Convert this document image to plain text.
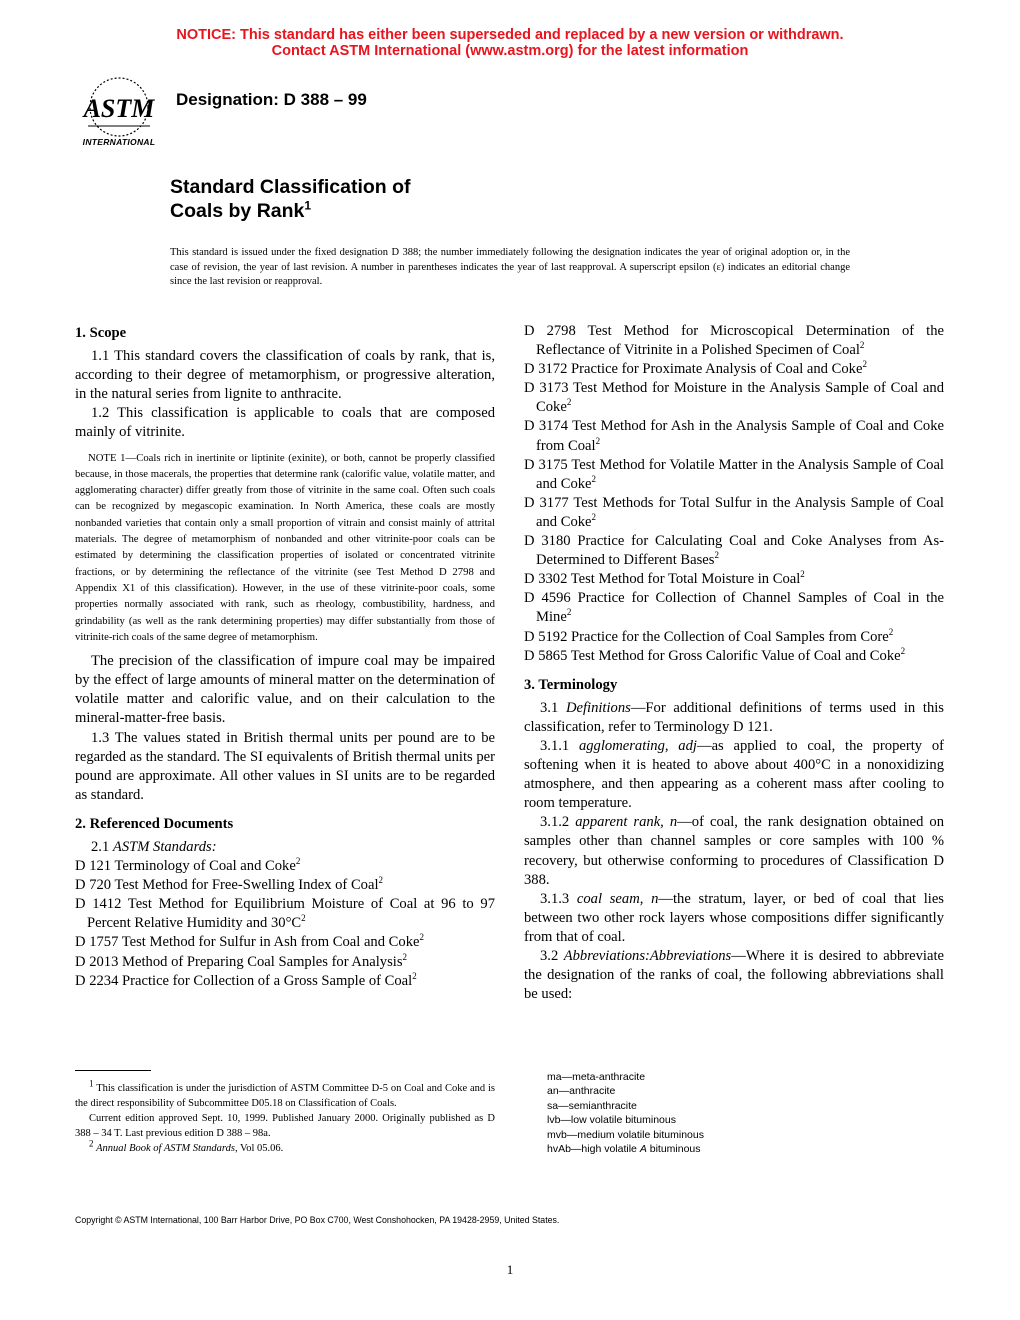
NOTICE: This standard has either been superseded and replaced by a new version or withdrawn.
Contact ASTM International (www.astm.org) for the latest information
ASTM
INTERNATIONAL
Designation: D 388 – 99
Standard Classification of
Coals by Rank$^1$
This standard is issued under the fixed designation D 388; the number immediately following the designation indicates the year of original adoption or, in the case of revision, the year of last revision. A number in parentheses indicates the year of last reapproval. A superscript epsilon (ε) indicates an editorial change since the last revision or reapproval.
1. Scope

1.1 This standard covers the classification of coals by rank, that is, according to their degree of metamorphism, or progressive alteration, in the natural series from lignite to anthracite.

1.2 This classification is applicable to coals that are composed mainly of vitrinite.

NOTE 1—Coals rich in inertinite or liptinite (exinite), or both, cannot be properly classified because, in those macerals, the properties that determine rank (calorific value, volatile matter, and agglomerating character) differ greatly from those of vitrinite in the same coal. Often such coals can be recognized by megascopic examination. In North America, these coals are mostly nonbanded varieties that contain only a small proportion of vitrain and consist mainly of attrital materials. The degree of metamorphism of nonbanded and other vitrinite-poor coals can be estimated by determining the classification properties of isolated or concentrated vitrinite fractions, or by determining the reflectance of the vitrinite (see Test Method D 2798 and Appendix X1 of this classification). However, in the use of these vitrinite-poor coals, some properties normally associated with rank, such as rheology, combustibility, hardness, and grindability (as well as the rank determining properties) may differ substantially from those of vitrinite-rich coals of the same degree of metamorphism.

The precision of the classification of impure coal may be impaired by the effect of large amounts of mineral matter on the determination of volatile matter and calorific value, and on their calculation to the mineral-matter-free basis.

1.3 The values stated in British thermal units per pound are to be regarded as the standard. The SI equivalents of British thermal units per pound are approximate. All other values in SI units are to be regarded as standard.

2. Referenced Documents

2.1 ASTM Standards:

D 121 Terminology of Coal and Coke$^2$

D 720 Test Method for Free-Swelling Index of Coal$^2$

D 1412 Test Method for Equilibrium Moisture of Coal at 96 to 97 Percent Relative Humidity and $30^\circ C^2$

D 1757 Test Method for Sulfur in Ash from Coal and Coke$^2$

D 2013 Method of Preparing Coal Samples for Analysis$^2$

D 2234 Practice for Collection of a Gross Sample of Coal$^2$

D 2798 Test Method for Microscopical Determination of the Reflectance of Vitrinite in a Polished Specimen of Coal$^2$

D 3172 Practice for Proximate Analysis of Coal and Coke$^2$

D 3173 Test Method for Moisture in the Analysis Sample of Coal and Coke$^2$

D 3174 Test Method for Ash in the Analysis Sample of Coal and Coke from Coal$^2$

D 3175 Test Method for Volatile Matter in the Analysis Sample of Coal and Coke$^2$

D 3177 Test Methods for Total Sulfur in the Analysis Sample of Coal and Coke$^2$

D 3180 Practice for Calculating Coal and Coke Analyses from As-Determined to Different Bases$^2$

D 3302 Test Method for Total Moisture in Coal$^2$

D 4596 Practice for Collection of Channel Samples of Coal in the Mine$^2$

D 5192 Practice for the Collection of Coal Samples from Core$^2$

D 5865 Test Method for Gross Calorific Value of Coal and Coke$^2$

3. Terminology

3.1 Definitions—For additional definitions of terms used in this classification, refer to Terminology D 121.

3.1.1 agglomerating, adj—as applied to coal, the property of softening when it is heated to above about 400°C in a nonoxidizing atmosphere, and then appearing as a coherent mass after cooling to room temperature.

3.1.2 apparent rank, n—of coal, the rank designation obtained on samples other than channel samples or core samples with 100 % recovery, but otherwise conforming to procedures of Classification D 388.

3.1.3 coal seam, n—the stratum, layer, or bed of coal that lies between two other rock layers whose compositions differ significantly from that of coal.

3.2 Abbreviations:Abbreviations—Where it is desired to abbreviate the designation of the ranks of coal, the following abbreviations shall be used:

$^1$ This classification is under the jurisdiction of ASTM Committee D-5 on Coal and Coke and is the direct responsibility of Subcommittee D05.18 on Classification of Coals.

Current edition approved Sept. 10, 1999. Published January 2000. Originally published as D 388 – 34 T. Last previous edition D 388 – 98a.

$^2$ Annual Book of ASTM Standards, Vol 05.06.

ma—meta-anthracite
an—anthracite
sa—semianthracite
lvb—low volatile bituminous
mvb—medium volatile bituminous
hvAb—high volatile A bituminous
Copyright © ASTM International, 100 Barr Harbor Drive, PO Box C700, West Conshohocken, PA 19428-2959, United States.
1
